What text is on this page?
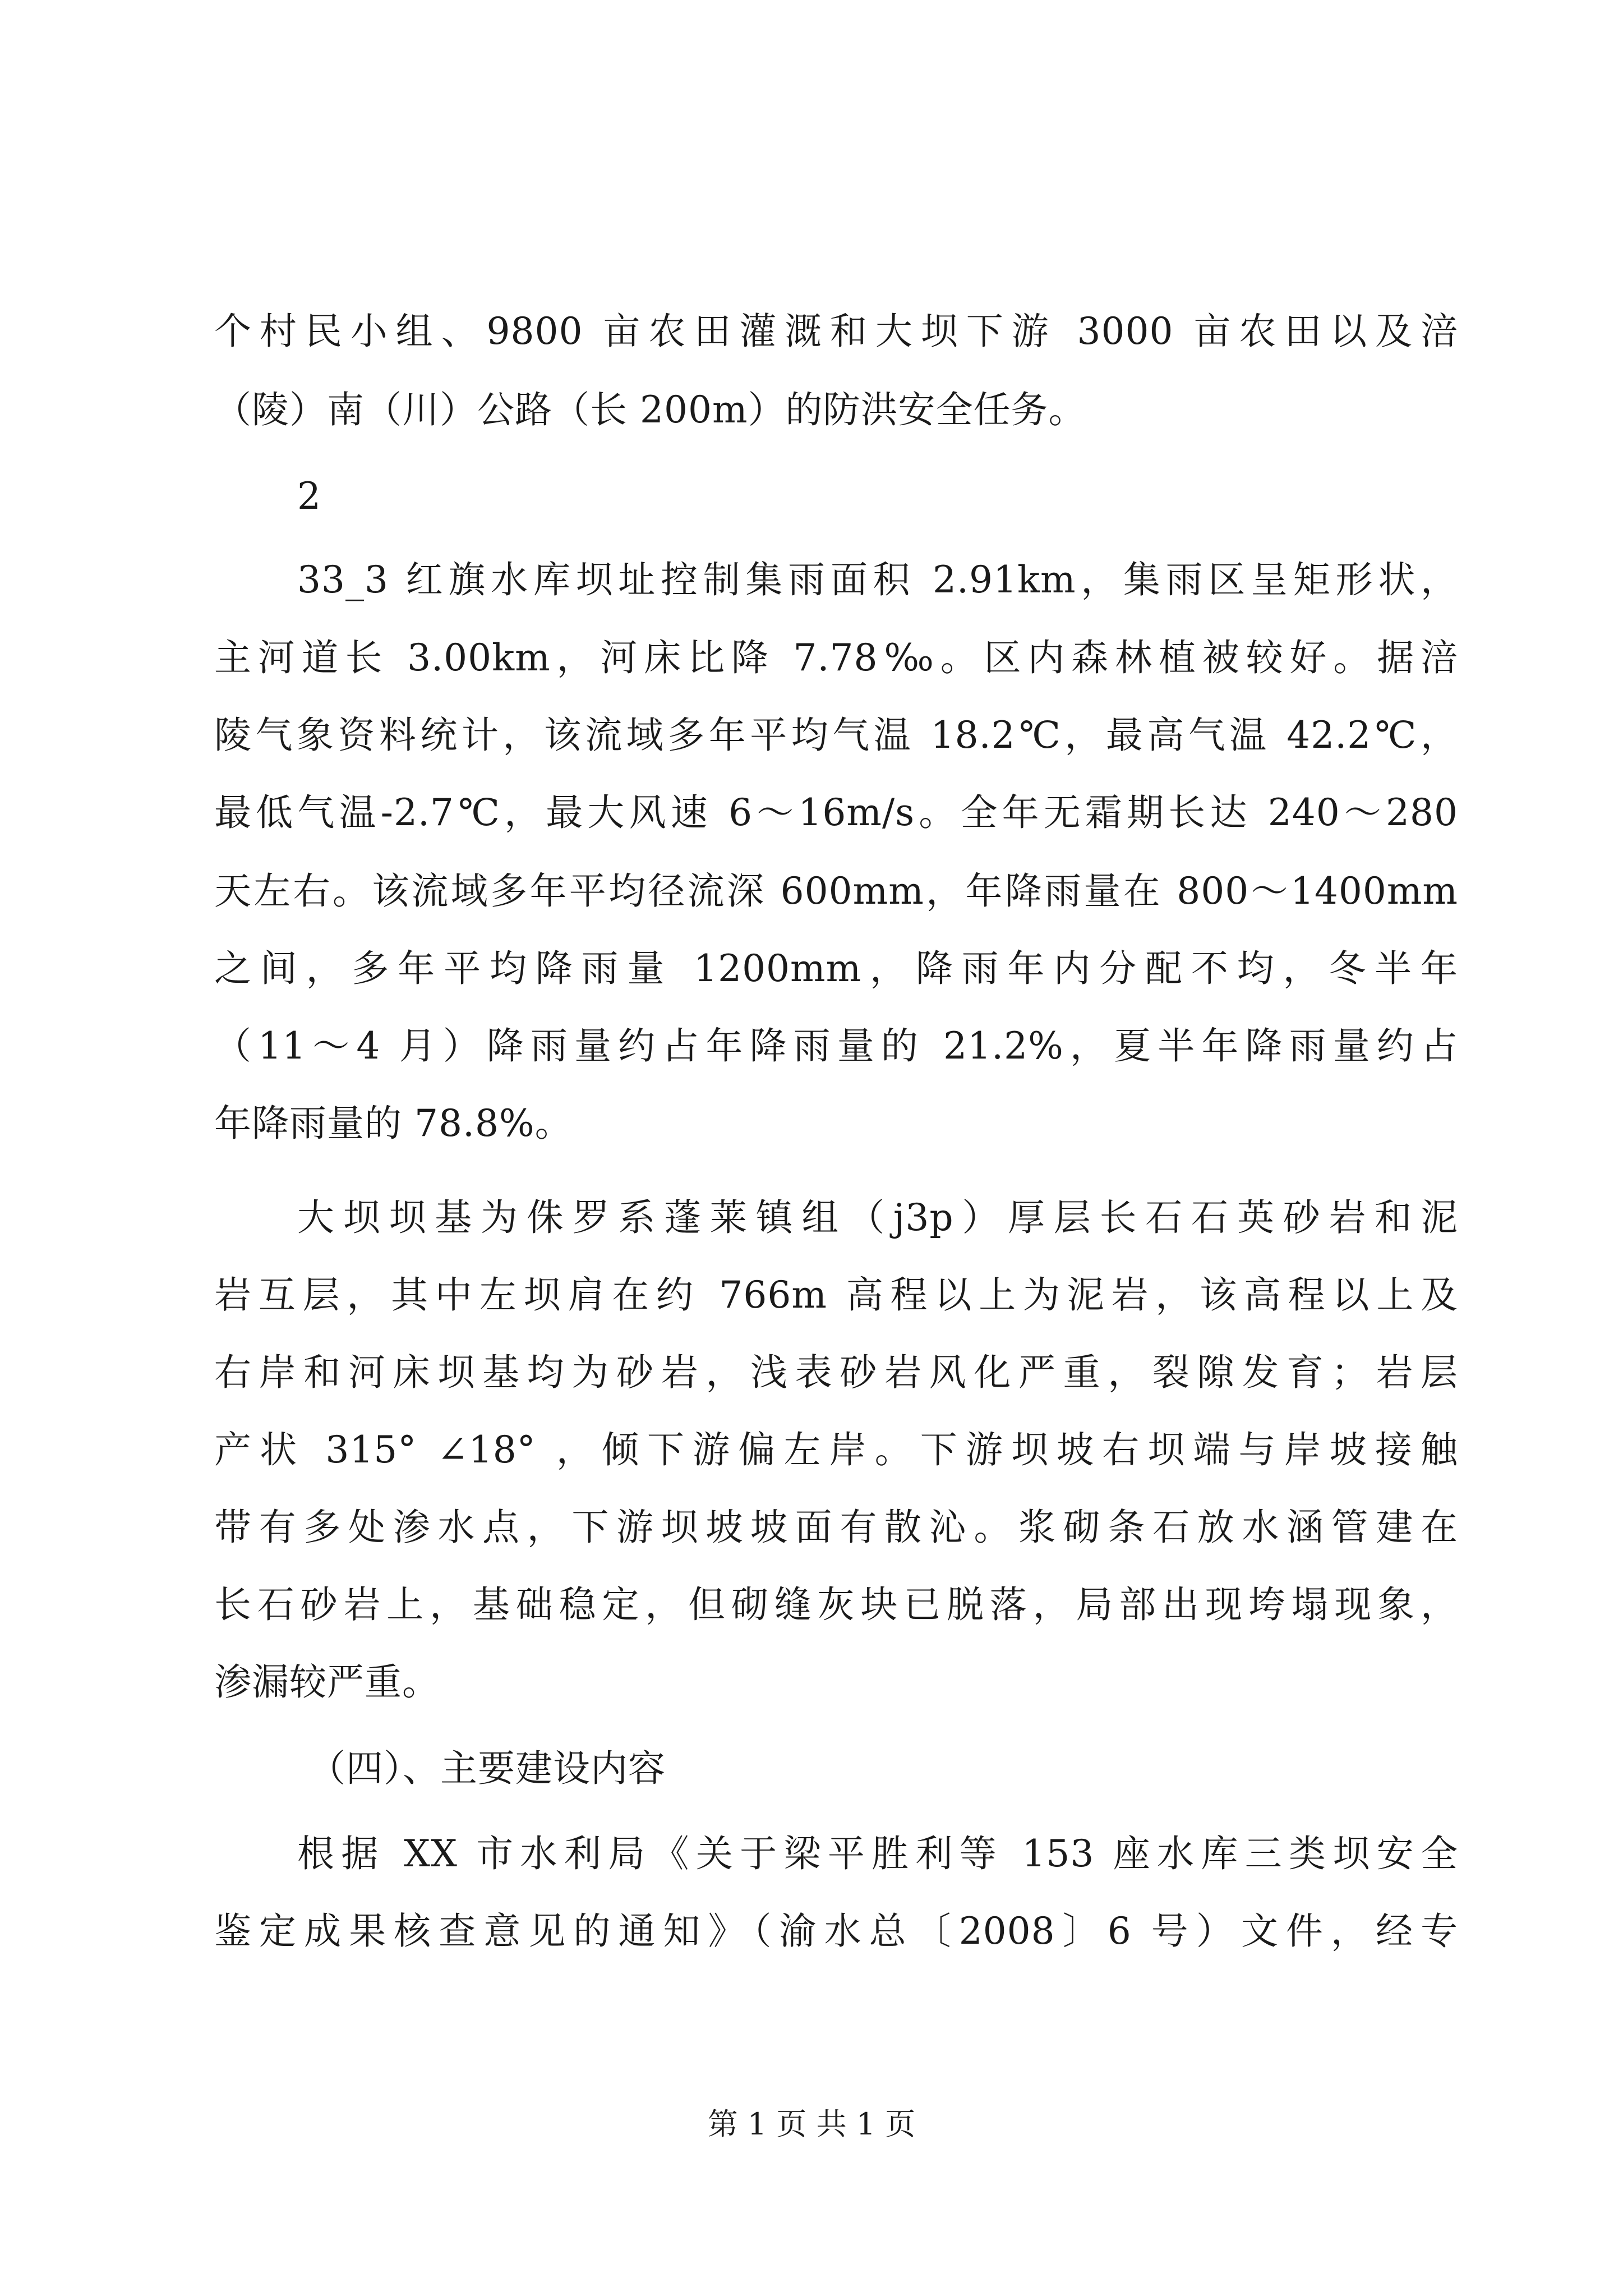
个村民小组、9800 亩农田灌溉和大坝下游 3000 亩农田以及涪
（陵）南（川）公路（长 200m）的防洪安全任务。
2
33_3 红旗水库坝址控制集雨面积 2.91km，集雨区呈矩形状，
主河道长 3.00km，河床比降 7.78‰。区内森林植被较好。据涪
陵气象资料统计，该流域多年平均气温 18.2℃，最高气温 42.2℃，
最低气温-2.7℃，最大风速 6～16m/s。全年无霜期长达 240～280
天左右。该流域多年平均径流深 600mm，年降雨量在 800～1400mm
之间，多年平均降雨量 1200mm，降雨年内分配不均，冬半年
（11～4 月）降雨量约占年降雨量的 21.2%，夏半年降雨量约占
年降雨量的 78.8%。
大坝坝基为侏罗系蓬莱镇组（j3p）厚层长石石英砂岩和泥
岩互层，其中左坝肩在约 766m 高程以上为泥岩，该高程以上及
右岸和河床坝基均为砂岩，浅表砂岩风化严重，裂隙发育；岩层
产状 315° ∠18° ，倾下游偏左岸。下游坝坡右坝端与岸坡接触
带有多处渗水点，下游坝坡坡面有散沁。浆砌条石放水涵管建在
长石砂岩上，基础稳定，但砌缝灰块已脱落，局部出现垮塌现象，
渗漏较严重。
（四）、主要建设内容
根据 XX 市水利局《关于梁平胜利等 153 座水库三类坝安全
鉴定成果核查意见的通知》（渝水总〔2008〕6 号）文件，经专
第 1 页 共 1 页
